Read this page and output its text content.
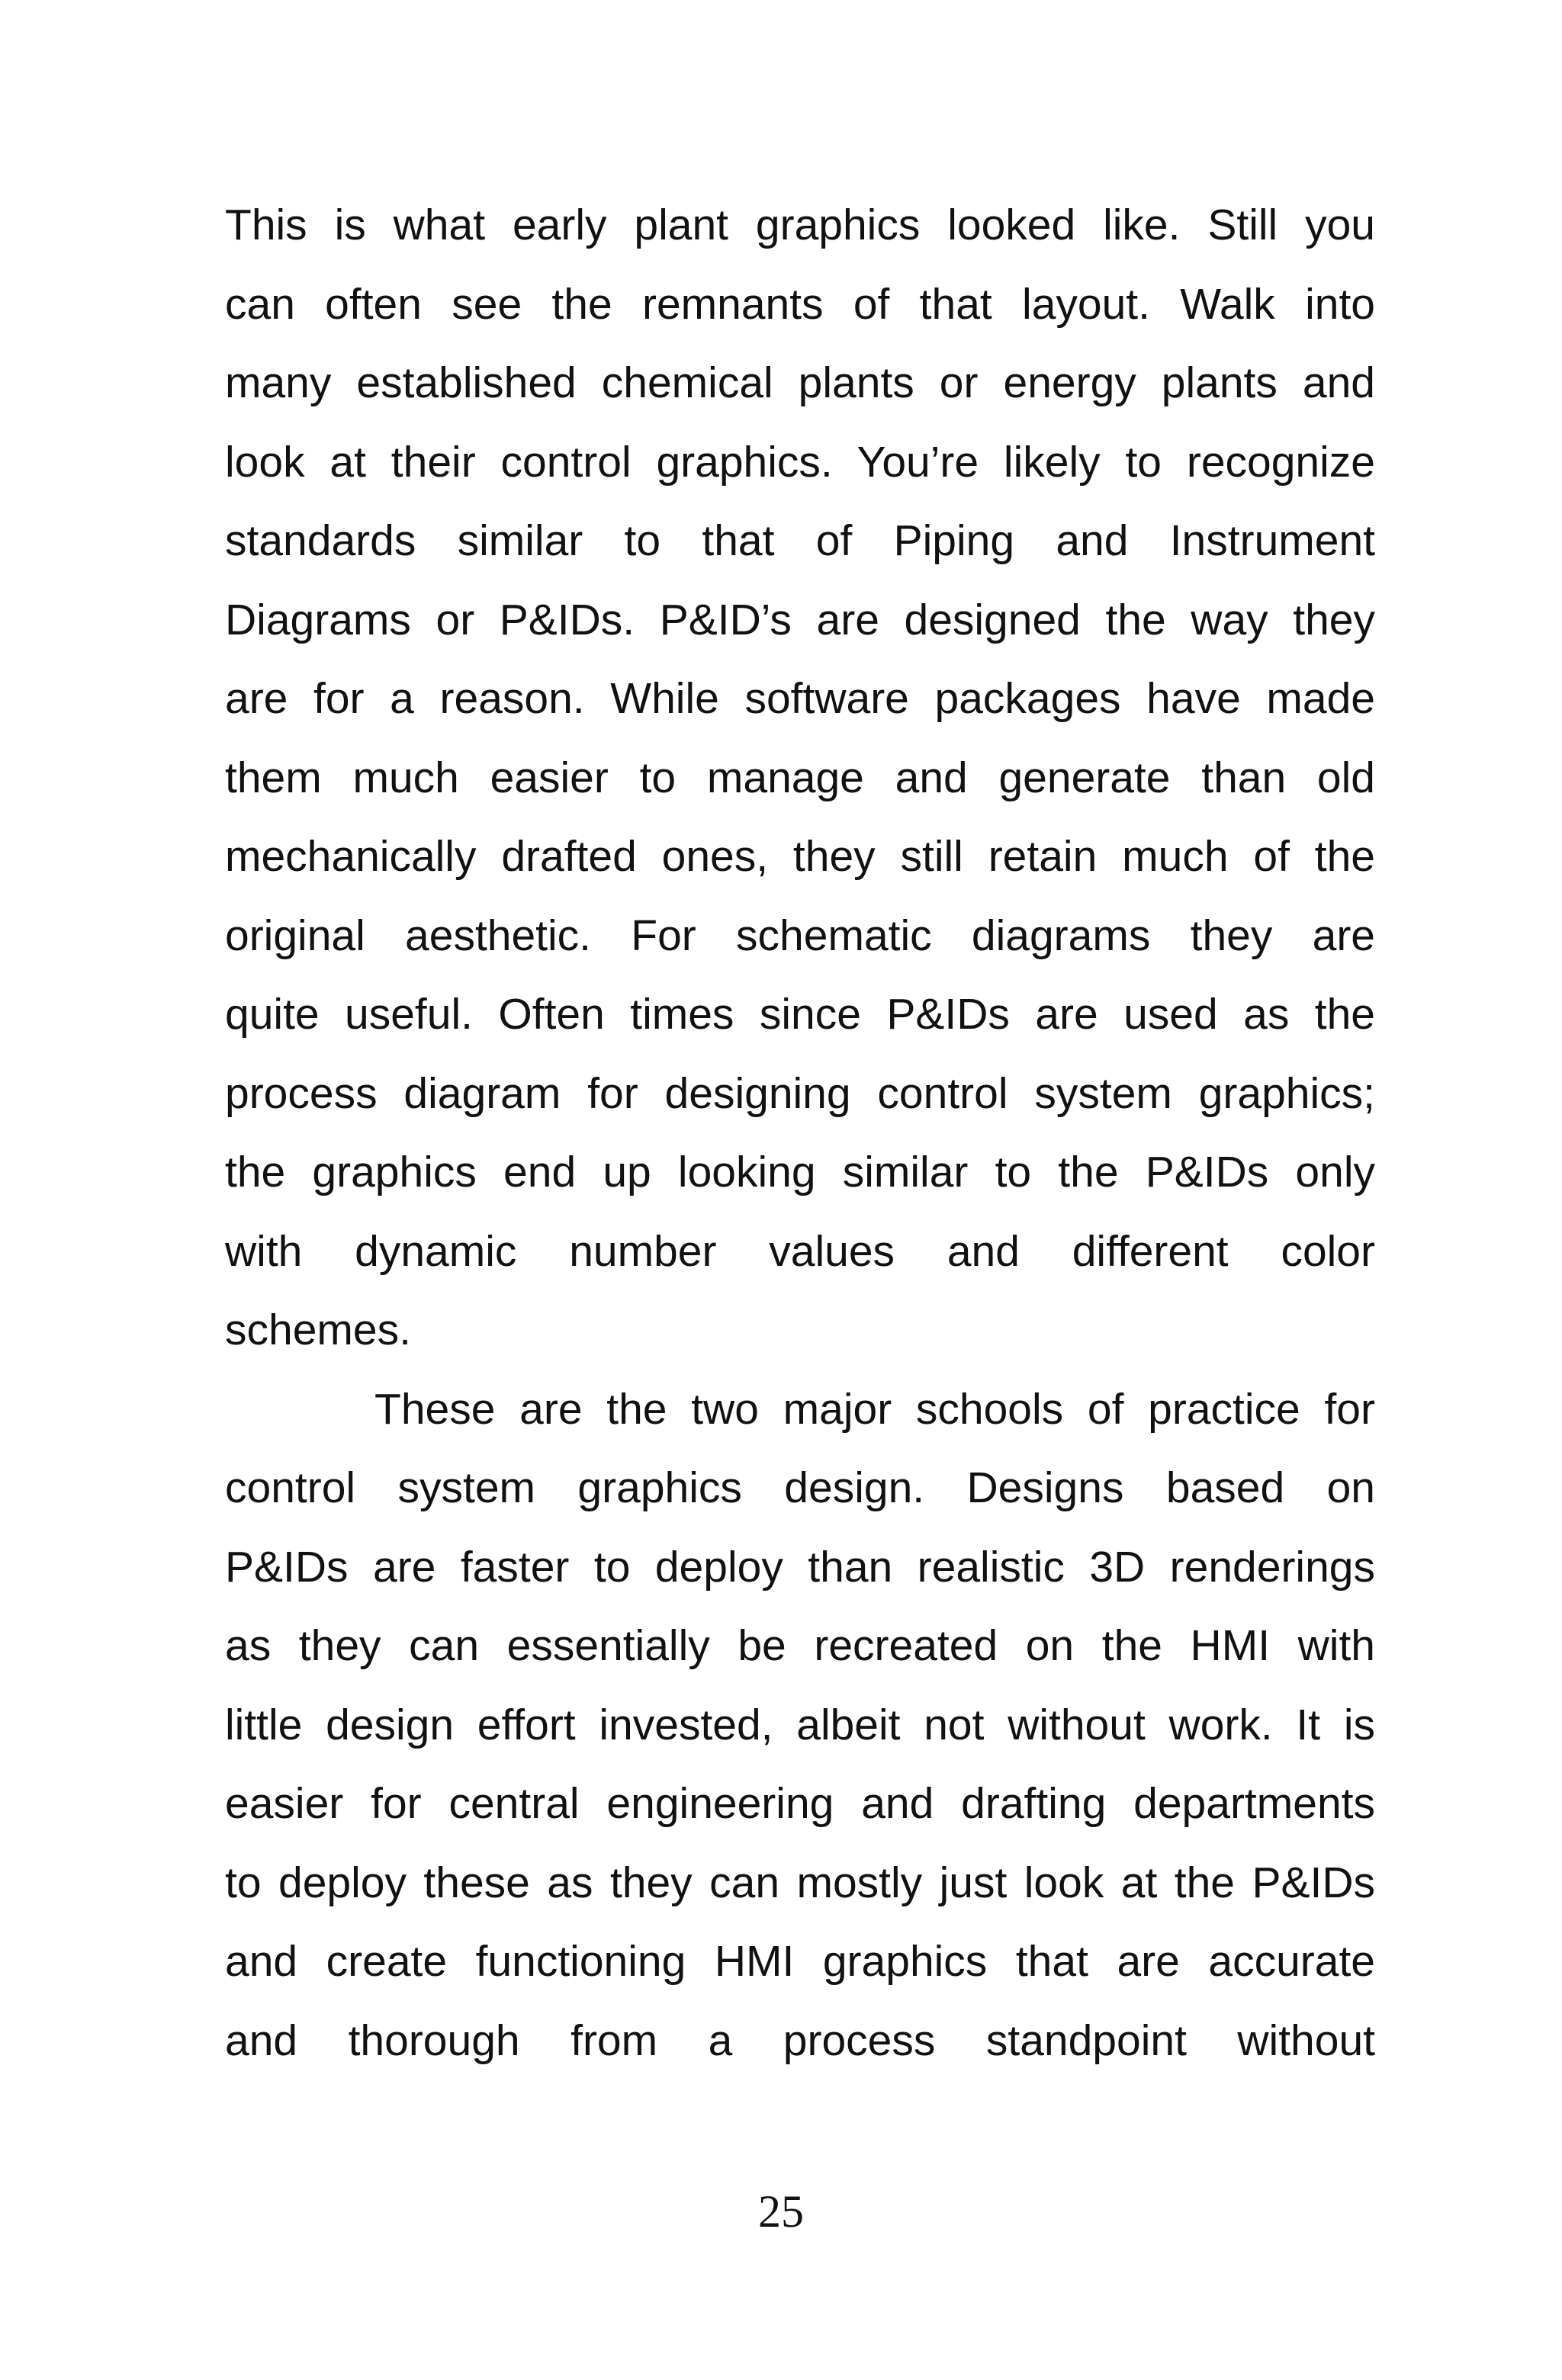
This is what early plant graphics looked like. Still you
can often see the remnants of that layout. Walk into
many established chemical plants or energy plants and
look at their control graphics. You’re likely to recognize
standards similar to that of Piping and Instrument
Diagrams or P&IDs. P&ID’s are designed the way they
are for a reason. While software packages have made
them much easier to manage and generate than old
mechanically drafted ones, they still retain much of the
original aesthetic. For schematic diagrams they are
quite useful. Often times since P&IDs are used as the
process diagram for designing control system graphics;
the graphics end up looking similar to the P&IDs only
with dynamic number values and different color
schemes.
These are the two major schools of practice for
control system graphics design. Designs based on
P&IDs are faster to deploy than realistic 3D renderings
as they can essentially be recreated on the HMI with
little design effort invested, albeit not without work. It is
easier for central engineering and drafting departments
to deploy these as they can mostly just look at the P&IDs
and create functioning HMI graphics that are accurate
and thorough from a process standpoint without
25
